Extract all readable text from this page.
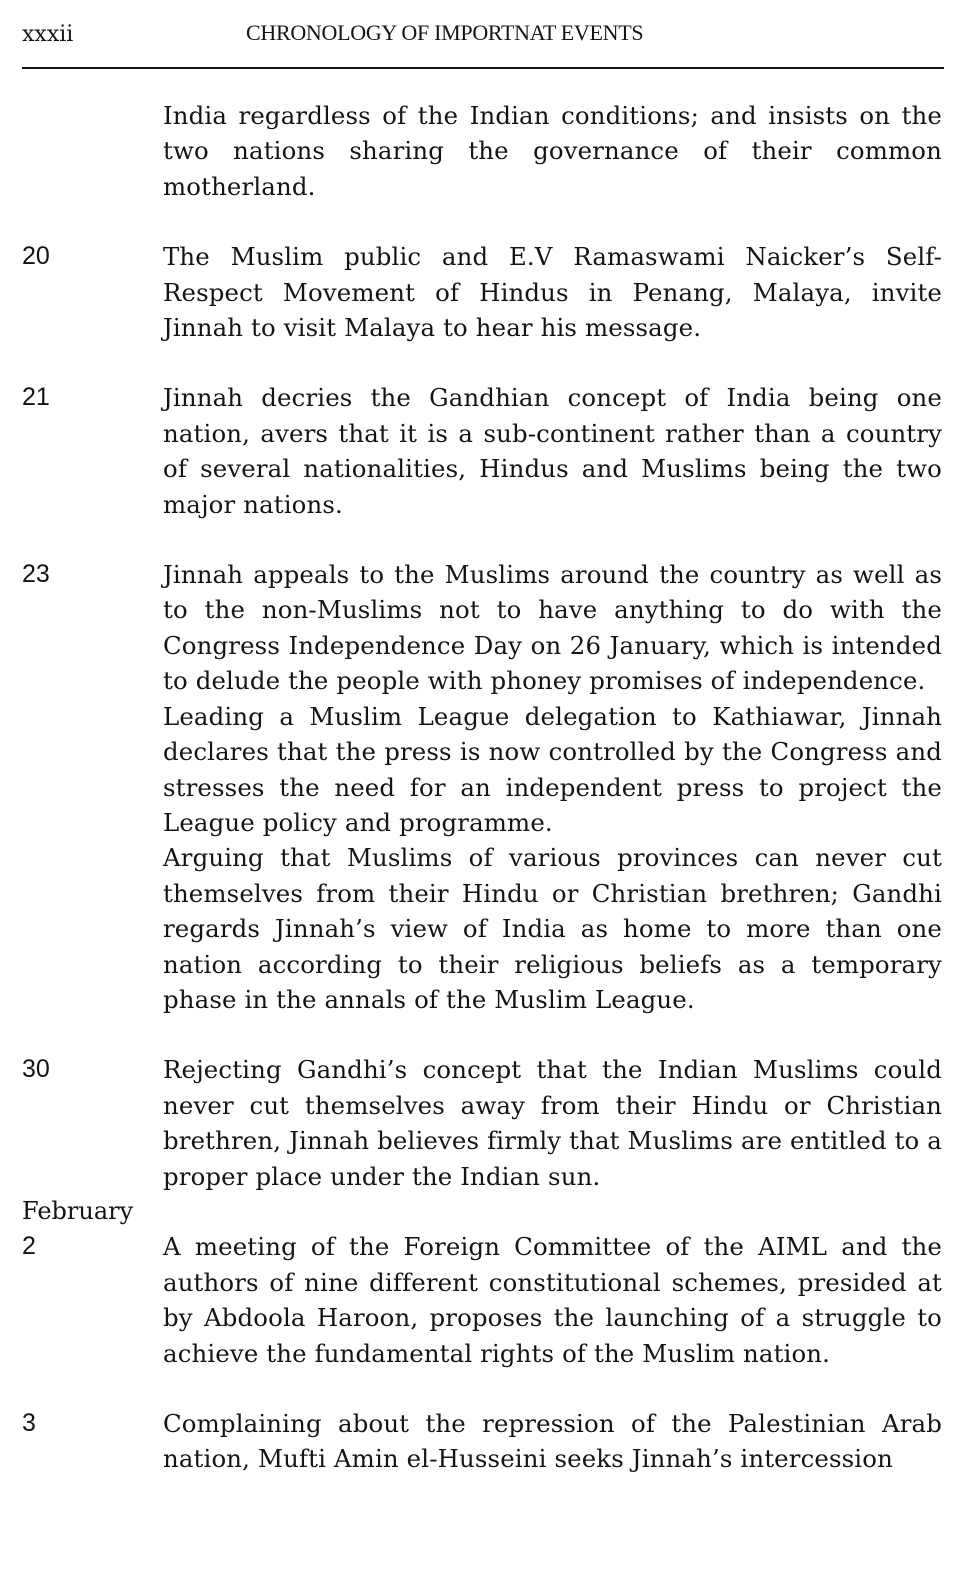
xxxii	CHRONOLOGY OF IMPORTNAT EVENTS
India regardless of the Indian conditions; and insists on the two nations sharing the governance of their common motherland.
20	The Muslim public and E.V Ramaswami Naicker’s Self-Respect Movement of Hindus in Penang, Malaya, invite Jinnah to visit Malaya to hear his message.
21	Jinnah decries the Gandhian concept of India being one nation, avers that it is a sub-continent rather than a country of several nationalities, Hindus and Muslims being the two major nations.
23	Jinnah appeals to the Muslims around the country as well as to the non-Muslims not to have anything to do with the Congress Independence Day on 26 January, which is intended to delude the people with phoney promises of independence.
Leading a Muslim League delegation to Kathiawar, Jinnah declares that the press is now controlled by the Congress and stresses the need for an independent press to project the League policy and programme.
Arguing that Muslims of various provinces can never cut themselves from their Hindu or Christian brethren; Gandhi regards Jinnah’s view of India as home to more than one nation according to their religious beliefs as a temporary phase in the annals of the Muslim League.
30	Rejecting Gandhi’s concept that the Indian Muslims could never cut themselves away from their Hindu or Christian brethren, Jinnah believes firmly that Muslims are entitled to a proper place under the Indian sun.
February
2	A meeting of the Foreign Committee of the AIML and the authors of nine different constitutional schemes, presided at by Abdoola Haroon, proposes the launching of a struggle to achieve the fundamental rights of the Muslim nation.
3	Complaining about the repression of the Palestinian Arab nation, Mufti Amin el-Husseini seeks Jinnah’s intercession
